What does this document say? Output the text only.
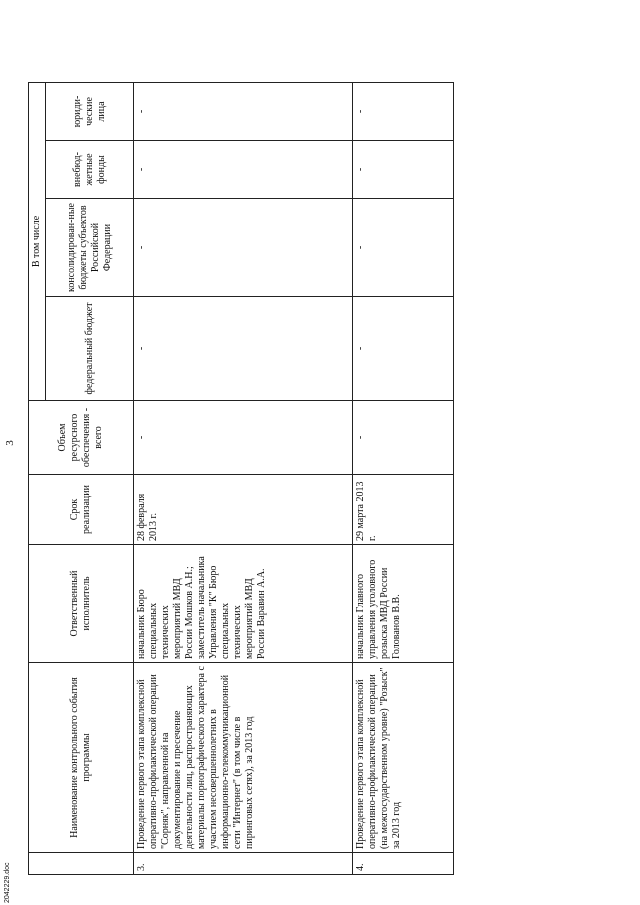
3
	Наименование контрольного события программы	Ответственный исполнитель	Срок реализации	Объем ресурсного обеспечения - всего	В том числе			
					федеральный бюджет	консолидирован-ные бюджеты субъектов Российской Федерации	внебюд-жетные фонды	юриди-ческие лица
3.	Проведение первого этапа комплексной оперативно-профилактической операции "Сорняк", направленной на документирование и пресечение деятельности лиц, распространяющих материалы порнографического характера с участием несовершеннолетних в информационно-телекоммуникационной сети "Интернет" (в том числе в пиринговых сетях), за 2013 год	начальник Бюро специальных технических мероприятий МВД России Мошков А.Н.; заместитель начальника Управления "К" Бюро специальных технических мероприятий МВД России Варавин А.А.	28 февраля 2013 г.	-	-	-	-	-
4.	Проведение первого этапа комплексной оперативно-профилактической операции (на межгосударственном уровне) "Розыск" за 2013 год	начальник Главного управления уголовного розыска МВД России Голованов В.В.	29 марта 2013 г.	-	-	-	-	-
2042229.doc
